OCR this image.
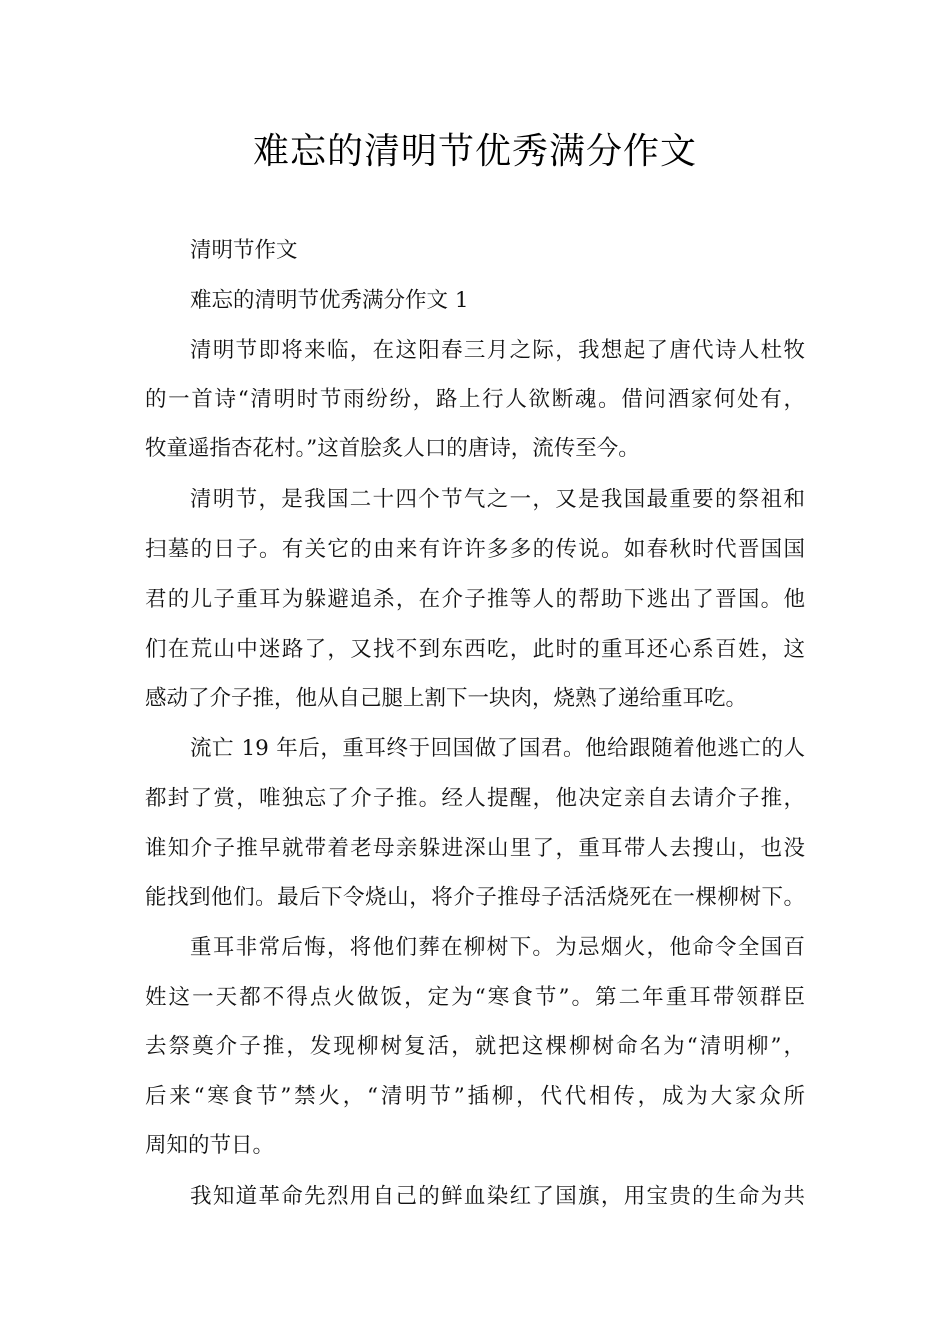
难忘的清明节优秀满分作文
清明节作文
难忘的清明节优秀满分作文 1
清明节即将来临，在这阳春三月之际，我想起了唐代诗人杜牧
的一首诗“清明时节雨纷纷，路上行人欲断魂。借问酒家何处有，
牧童遥指杏花村。”这首脍炙人口的唐诗，流传至今。
清明节，是我国二十四个节气之一，又是我国最重要的祭祖和
扫墓的日子。有关它的由来有许许多多的传说。如春秋时代晋国国
君的儿子重耳为躲避追杀，在介子推等人的帮助下逃出了晋国。他
们在荒山中迷路了，又找不到东西吃，此时的重耳还心系百姓，这
感动了介子推，他从自己腿上割下一块肉，烧熟了递给重耳吃。
流亡 19 年后，重耳终于回国做了国君。他给跟随着他逃亡的人
都封了赏，唯独忘了介子推。经人提醒，他决定亲自去请介子推，
谁知介子推早就带着老母亲躲进深山里了，重耳带人去搜山，也没
能找到他们。最后下令烧山，将介子推母子活活烧死在一棵柳树下。
重耳非常后悔，将他们葬在柳树下。为忌烟火，他命令全国百
姓这一天都不得点火做饭，定为“寒食节”。第二年重耳带领群臣
去祭奠介子推，发现柳树复活，就把这棵柳树命名为“清明柳”，
后来“寒食节”禁火，“清明节”插柳，代代相传，成为大家众所
周知的节日。
我知道革命先烈用自己的鲜血染红了国旗，用宝贵的生命为共
